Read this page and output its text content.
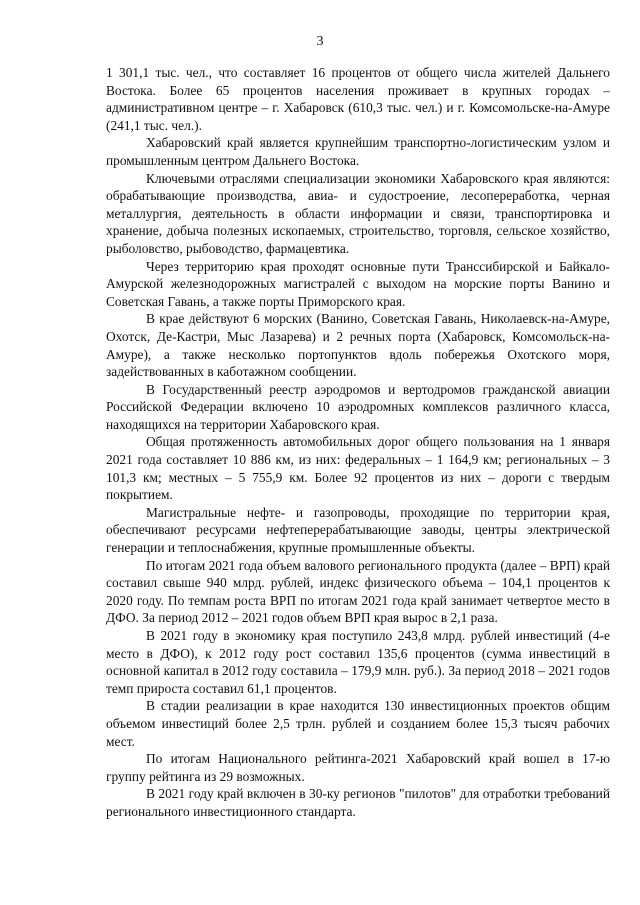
3

1 301,1 тыс. чел., что составляет 16 процентов от общего числа жителей Дальнего Востока. Более 65 процентов населения проживает в крупных городах – административном центре – г. Хабаровск (610,3 тыс. чел.) и г. Комсомольске-на-Амуре (241,1 тыс. чел.).

Хабаровский край является крупнейшим транспортно-логистическим узлом и промышленным центром Дальнего Востока.

Ключевыми отраслями специализации экономики Хабаровского края являются: обрабатывающие производства, авиа- и судостроение, лесопереработка, черная металлургия, деятельность в области информации и связи, транспортировка и хранение, добыча полезных ископаемых, строительство, торговля, сельское хозяйство, рыболовство, рыбоводство, фармацевтика.

Через территорию края проходят основные пути Транссибирской и Байкало-Амурской железнодорожных магистралей с выходом на морские порты Ванино и Советская Гавань, а также порты Приморского края.

В крае действуют 6 морских (Ванино, Советская Гавань, Николаевск-на-Амуре, Охотск, Де-Кастри, Мыс Лазарева) и 2 речных порта (Хабаровск, Комсомольск-на-Амуре), а также несколько портопунктов вдоль побережья Охотского моря, задействованных в каботажном сообщении.

В Государственный реестр аэродромов и вертодромов гражданской авиации Российской Федерации включено 10 аэродромных комплексов различного класса, находящихся на территории Хабаровского края.

Общая протяженность автомобильных дорог общего пользования на 1 января 2021 года составляет 10 886 км, из них: федеральных – 1 164,9 км; региональных – 3 101,3 км; местных – 5 755,9 км. Более 92 процентов из них – дороги с твердым покрытием.

Магистральные нефте- и газопроводы, проходящие по территории края, обеспечивают ресурсами нефтеперерабатывающие заводы, центры электрической генерации и теплоснабжения, крупные промышленные объекты.

По итогам 2021 года объем валового регионального продукта (далее – ВРП) край составил свыше 940 млрд. рублей, индекс физического объема – 104,1 процентов к 2020 году. По темпам роста ВРП по итогам 2021 года край занимает четвертое место в ДФО. За период 2012 – 2021 годов объем ВРП края вырос в 2,1 раза.

В 2021 году в экономику края поступило 243,8 млрд. рублей инвестиций (4-е место в ДФО), к 2012 году рост составил 135,6 процентов (сумма инвестиций в основной капитал в 2012 году составила – 179,9 млн. руб.). За период 2018 – 2021 годов темп прироста составил 61,1 процентов.

В стадии реализации в крае находится 130 инвестиционных проектов общим объемом инвестиций более 2,5 трлн. рублей и созданием более 15,3 тысяч рабочих мест.

По итогам Национального рейтинга-2021 Хабаровский край вошел в 17-ю группу рейтинга из 29 возможных.

В 2021 году край включен в 30-ку регионов "пилотов" для отработки требований регионального инвестиционного стандарта.
